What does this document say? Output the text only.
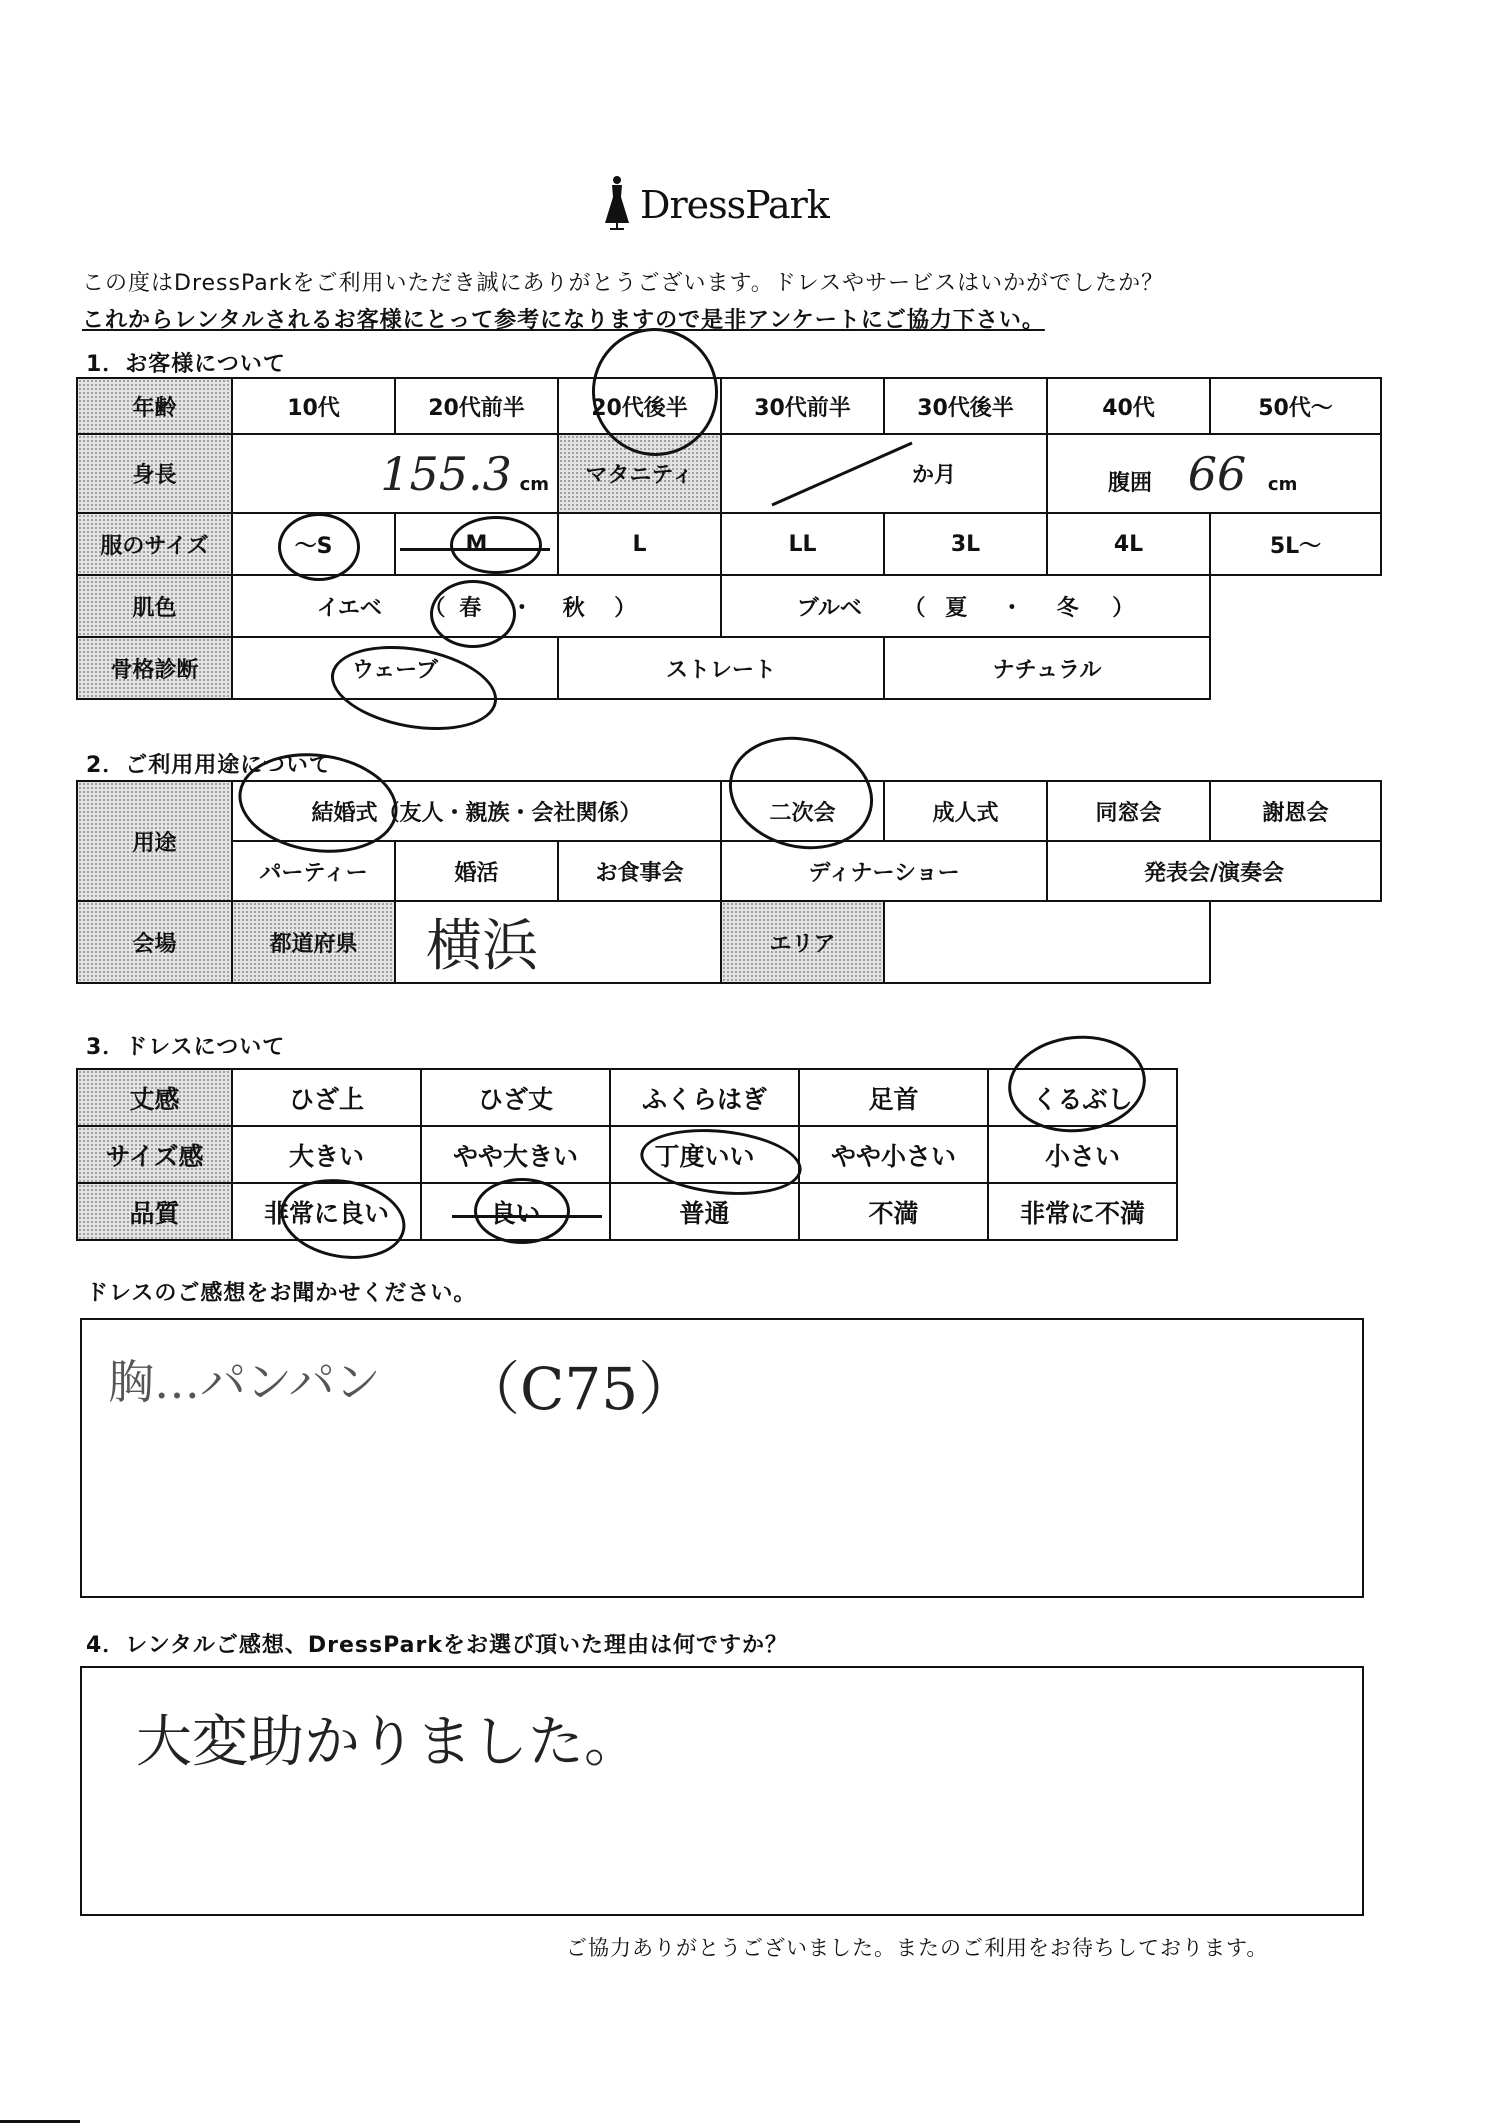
DressPark
この度はDressParkをご利用いただき誠にありがとうございます。ドレスやサービスはいかがでしたか？
これからレンタルされるお客様にとって参考になりますので是非アンケートにご協力下さい。
1．お客様について
年齢	10代	20代前半	20代後半	30代前半	30代後半	40代	50代～
身長	155.3 cm		マタニティ	か月		腹囲 66 cm	
服のサイズ	～S	M	L	LL	3L	4L	5L～
肌色	イエベ （ 春 ・ 秋 ）			ブルベ （ 夏 ・ 冬 ）			
骨格診断	ウェーブ		ストレート		ナチュラル		
2．ご利用用途について
用途	結婚式（友人・親族・会社関係）			二次会	成人式	同窓会	謝恩会
	パーティー	婚活	お食事会	ディナーショー		発表会/演奏会	
会場	都道府県	横浜		エリア			
3．ドレスについて
丈感	ひざ上	ひざ丈	ふくらはぎ	足首	くるぶし
サイズ感	大きい	やや大きい	丁度いい	やや小さい	小さい
品質	非常に良い	良い	普通	不満	非常に不満
ドレスのご感想をお聞かせください。
胸…パンパン （C75）
4．レンタルご感想、DressParkをお選び頂いた理由は何ですか？
大変助かりました。
ご協力ありがとうございました。またのご利用をお待ちしております。
